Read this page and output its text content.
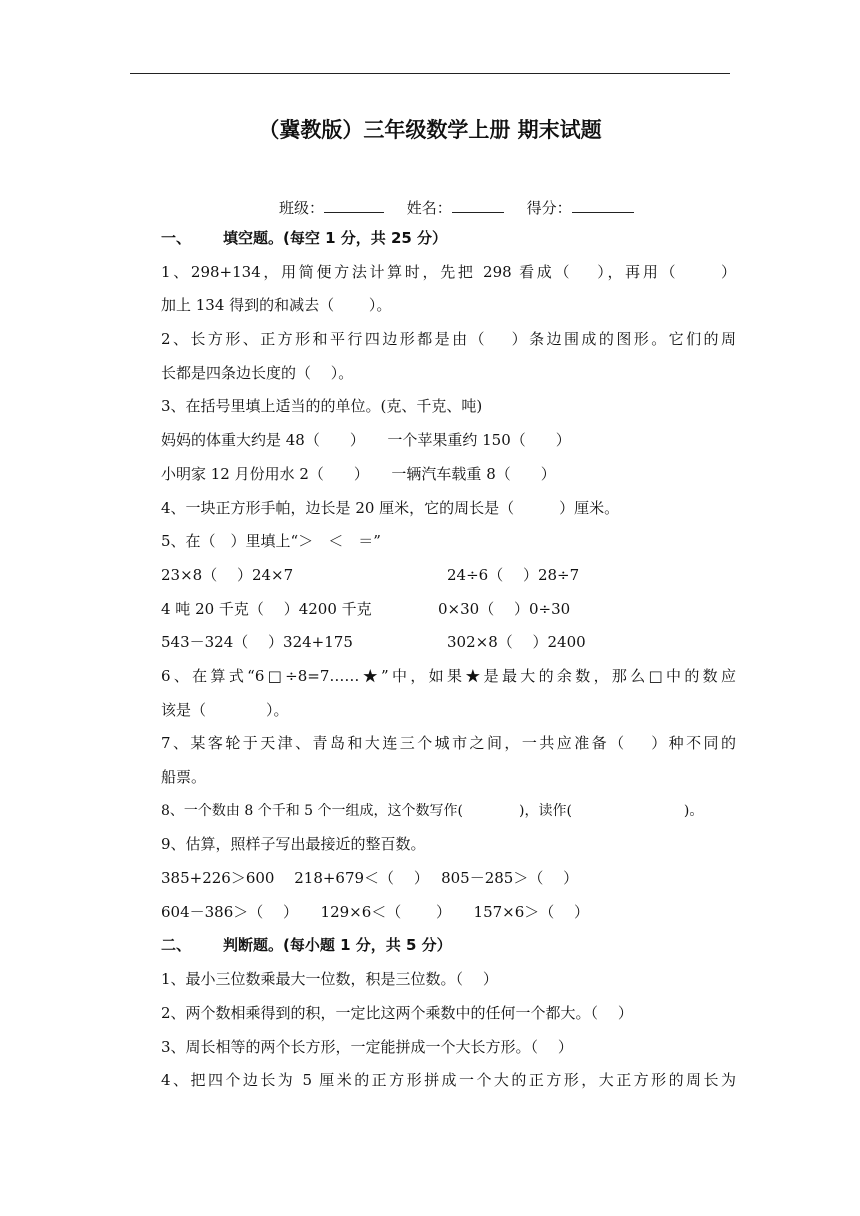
（冀教版）三年级数学上册 期末试题
班级：	姓名：	得分：
一、 填空题。(每空 1 分，共 25 分）
1、298+134，用简便方法计算时，先把 298 看成（　 ），再用（　　 ）
加上 134 得到的和减去（　　 ）。
2、长方形、正方形和平行四边形都是由（　 ）条边围成的图形。它们的周
长都是四条边长度的（　 ）。
3、在括号里填上适当的的单位。(克、千克、吨)
妈妈的体重大约是 48（　　）　　一个苹果重约 150（　　）
小明家 12 月份用水 2（　　）　　一辆汽车载重 8（　　）
4、一块正方形手帕，边长是 20 厘米，它的周长是（　　　）厘米。
5、在（　）里填上“＞　＜　＝”
23×8（　 ）24×7	24÷6（　 ）28÷7
4 吨 20 千克（　 ）4200 千克	0×30（　 ）0÷30
543－324（　 ）324+175	302×8（　 ）2400
6、在算式“6□÷8=7……★”中，如果★是最大的余数，那么□中的数应
该是（　　　　）。
7、某客轮于天津、青岛和大连三个城市之间，一共应准备（　 ）种不同的
船票。
8、一个数由 8 个千和 5 个一组成，这个数写作(　　　　)，读作(　　　　　　　　)。
9、估算，照样子写出最接近的整百数。
385+226＞600　 218+679＜（　 ）　 805－285＞（　 ）
604－386＞（　 ）　　129×6＜（　　 ）　　157×6＞（　 ）
二、 判断题。(每小题 1 分，共 5 分）
1、最小三位数乘最大一位数，积是三位数。（　 ）
2、两个数相乘得到的积，一定比这两个乘数中的任何一个都大。（　 ）
3、周长相等的两个长方形，一定能拼成一个大长方形。（　 ）
4、把四个边长为 5 厘米的正方形拼成一个大的正方形，大正方形的周长为
